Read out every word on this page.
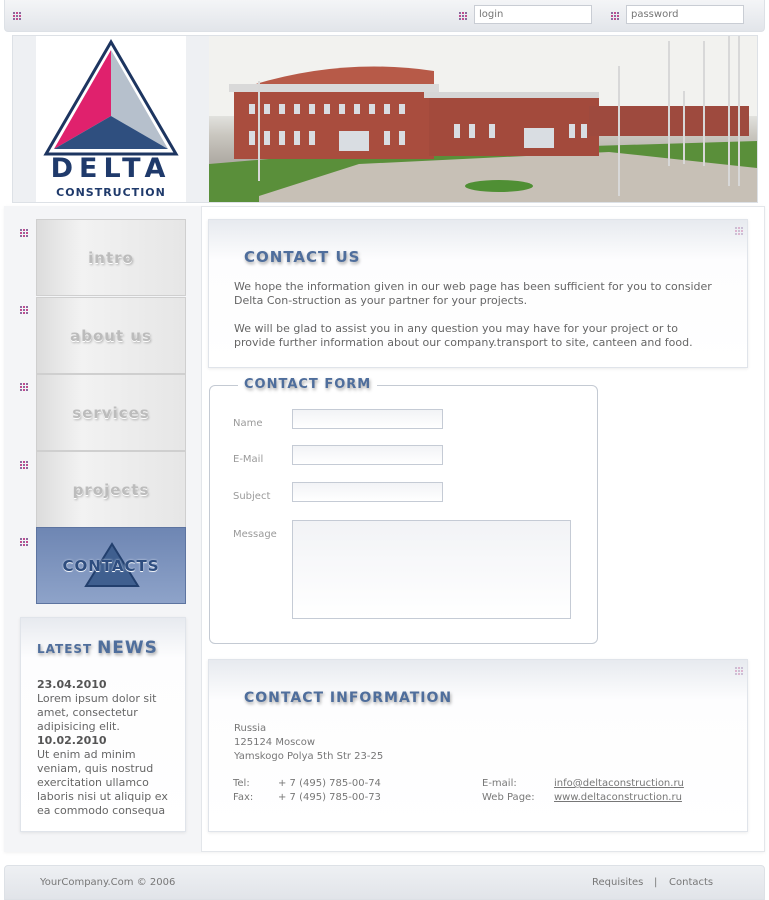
login
password
DELTA
CONSTRUCTION
intro
about us
services
projects
CONTACTS
LATEST NEWS
23.04.2010
Lorem ipsum dolor sit amet, consectetur adipisicing elit.
10.02.2010
Ut enim ad minim veniam, quis nostrud exercitation ullamco laboris nisi ut aliquip ex ea commodo consequa
CONTACT US
We hope the information given in our web page has been sufficient for you to consider Delta Con-struction as your partner for your projects.
We will be glad to assist you in any question you may have for your project or to provide further information about our company.transport to site, canteen and food.
CONTACT FORM
Name
E-Mail
Subject
Message
CONTACT INFORMATION
Russia
125124 Moscow
Yamskogo Polya 5th Str 23-25
Tel:	+ 7 (495) 785-00-74
Fax: + 7 (495) 785-00-73
E-mail:	info@deltaconstruction.ru
Web Page: www.deltaconstruction.ru
YourCompany.Com © 2006	Requisites | Contacts
